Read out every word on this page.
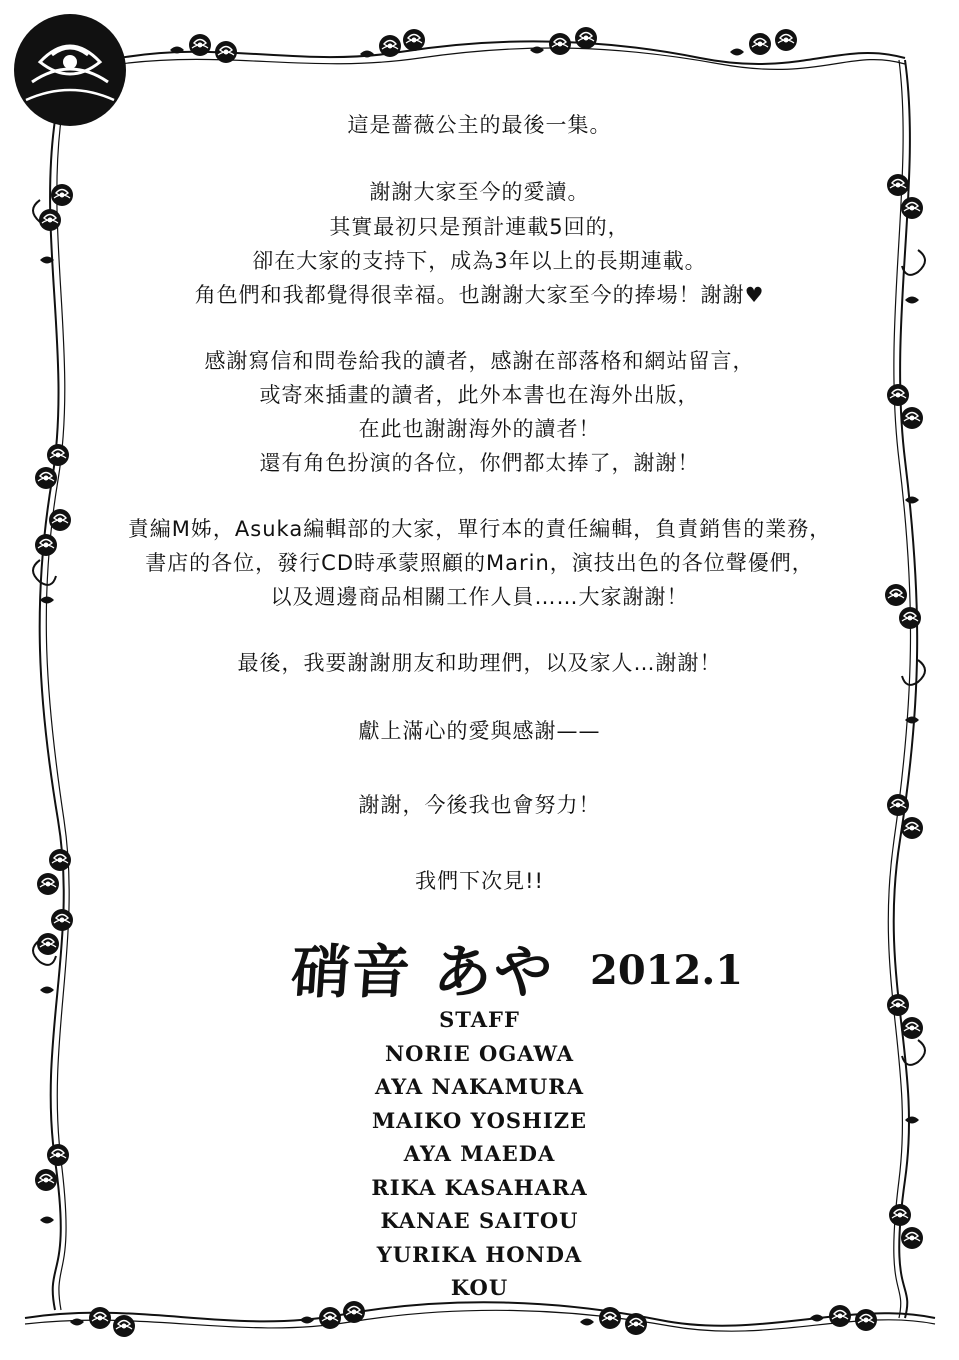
這是薔薇公主的最後一集。
謝謝大家至今的愛讀。
其實最初只是預計連載5回的，
卻在大家的支持下，成為3年以上的長期連載。
角色們和我都覺得很幸福。也謝謝大家至今的捧場！謝謝♥
感謝寫信和問卷給我的讀者，感謝在部落格和網站留言，
或寄來插畫的讀者，此外本書也在海外出版，
在此也謝謝海外的讀者！
還有角色扮演的各位，你們都太捧了，謝謝！
責編M姊，Asuka編輯部的大家，單行本的責任編輯，負責銷售的業務，
書店的各位，發行CD時承蒙照顧的Marin，演技出色的各位聲優們，
以及週邊商品相關工作人員……大家謝謝！
最後，我要謝謝朋友和助理們，以及家人…謝謝！
獻上滿心的愛與感謝——
謝謝，今後我也會努力！
我們下次見!!
硝音 あや 2012.1
STAFF
NORIE OGAWA
AYA NAKAMURA
MAIKO YOSHIZE
AYA MAEDA
RIKA KASAHARA
KANAE SAITOU
YURIKA HONDA
KOU
